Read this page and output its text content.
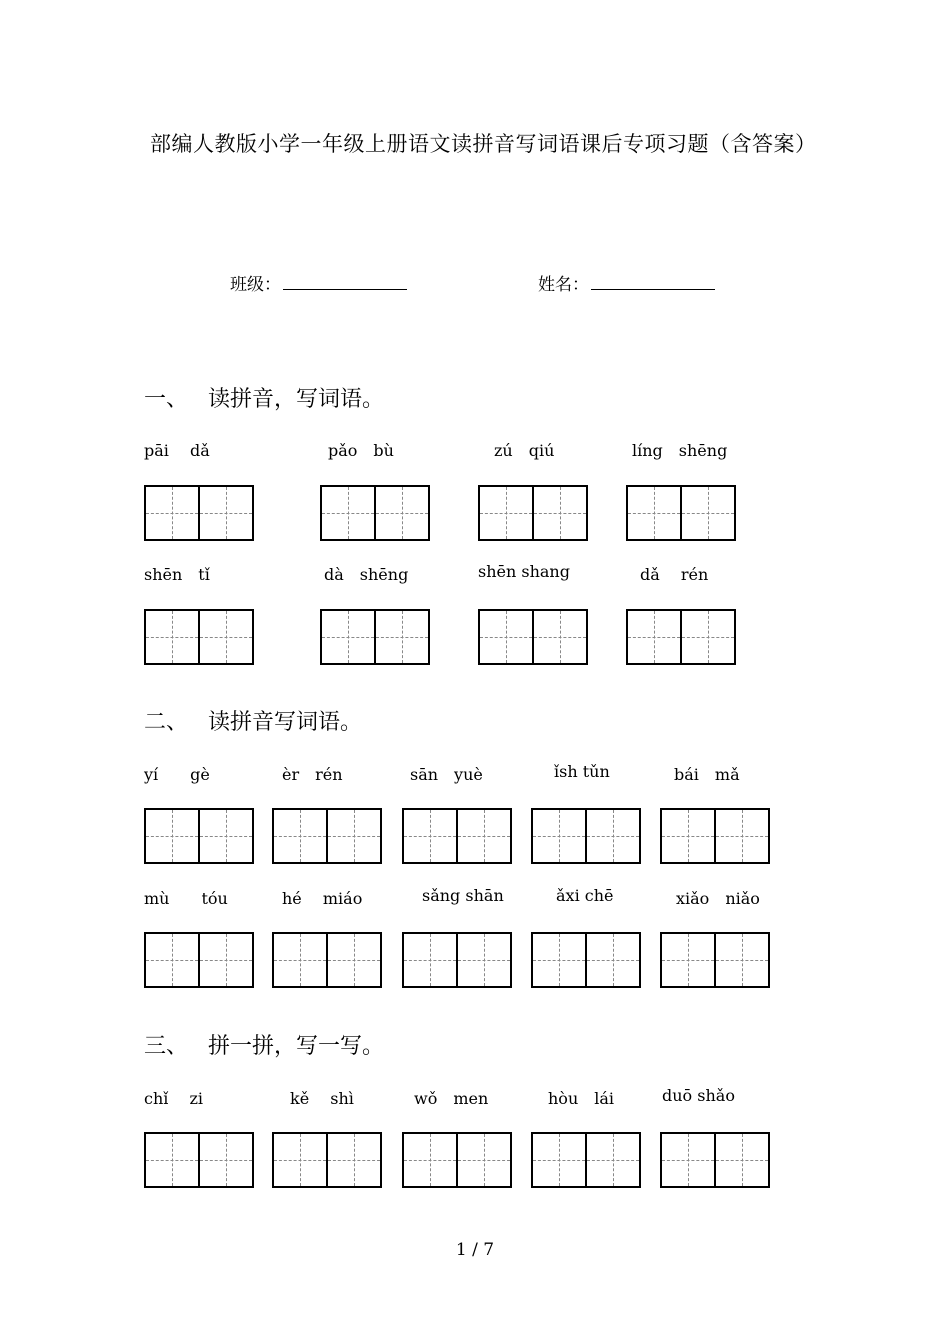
部编人教版小学一年级上册语文读拼音写词语课后专项习题（含答案）
班级：	姓名：
一、 读拼音，写词语。
pāi　 dǎ	pǎo　bù	zú　qiú	líng　shēng
shēn　tǐ	dà　shēng	shēn shang	dǎ　 rén
二、 读拼音写词语。
yí　　gè	èr　rén	sān　yuè	ǐsh tǔn	bái　mǎ
mù　　tóu	hé　 miáo	sǎng shān	ǎxi chē	xiǎo　niǎo
三、 拼一拼，写一写。
chǐ　 zi	kě　 shì	wǒ　men	hòu　lái	duō shǎo
1 / 7
